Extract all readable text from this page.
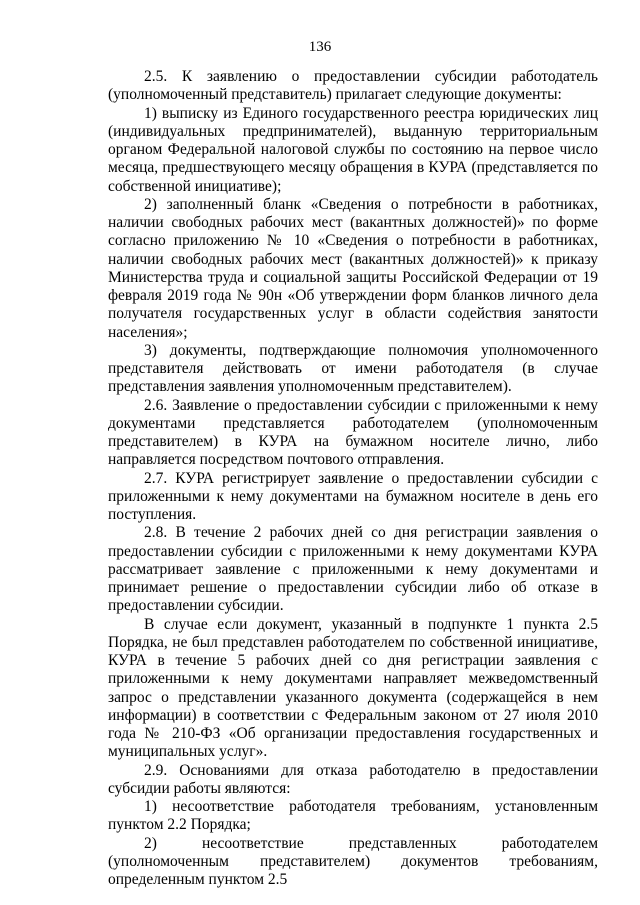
136

2.5. К заявлению о предоставлении субсидии работодатель (уполномоченный представитель) прилагает следующие документы:

1) выписку из Единого государственного реестра юридических лиц (индивидуальных предпринимателей), выданную территориальным органом Федеральной налоговой службы по состоянию на первое число месяца, предшествующего месяцу обращения в КУРА (представляется по собственной инициативе);

2) заполненный бланк «Сведения о потребности в работниках, наличии свободных рабочих мест (вакантных должностей)» по форме согласно приложению № 10 «Сведения о потребности в работниках, наличии свободных рабочих мест (вакантных должностей)» к приказу Министерства труда и социальной защиты Российской Федерации от 19 февраля 2019 года № 90н «Об утверждении форм бланков личного дела получателя государственных услуг в области содействия занятости населения»;

3) документы, подтверждающие полномочия уполномоченного представителя действовать от имени работодателя (в случае представления заявления уполномоченным представителем).

2.6. Заявление о предоставлении субсидии с приложенными к нему документами представляется работодателем (уполномоченным представителем) в КУРА на бумажном носителе лично, либо направляется посредством почтового отправления.

2.7. КУРА регистрирует заявление о предоставлении субсидии с приложенными к нему документами на бумажном носителе в день его поступления.

2.8. В течение 2 рабочих дней со дня регистрации заявления о предоставлении субсидии с приложенными к нему документами КУРА рассматривает заявление с приложенными к нему документами и принимает решение о предоставлении субсидии либо об отказе в предоставлении субсидии.

В случае если документ, указанный в подпункте 1 пункта 2.5 Порядка, не был представлен работодателем по собственной инициативе, КУРА в течение 5 рабочих дней со дня регистрации заявления с приложенными к нему документами направляет межведомственный запрос о представлении указанного документа (содержащейся в нем информации) в соответствии с Федеральным законом от 27 июля 2010 года № 210-ФЗ «Об организации предоставления государственных и муниципальных услуг».

2.9. Основаниями для отказа работодателю в предоставлении субсидии работы являются:

1) несоответствие работодателя требованиям, установленным пунктом 2.2 Порядка;

2) несоответствие представленных работодателем (уполномоченным представителем) документов требованиям, определенным пунктом 2.5
